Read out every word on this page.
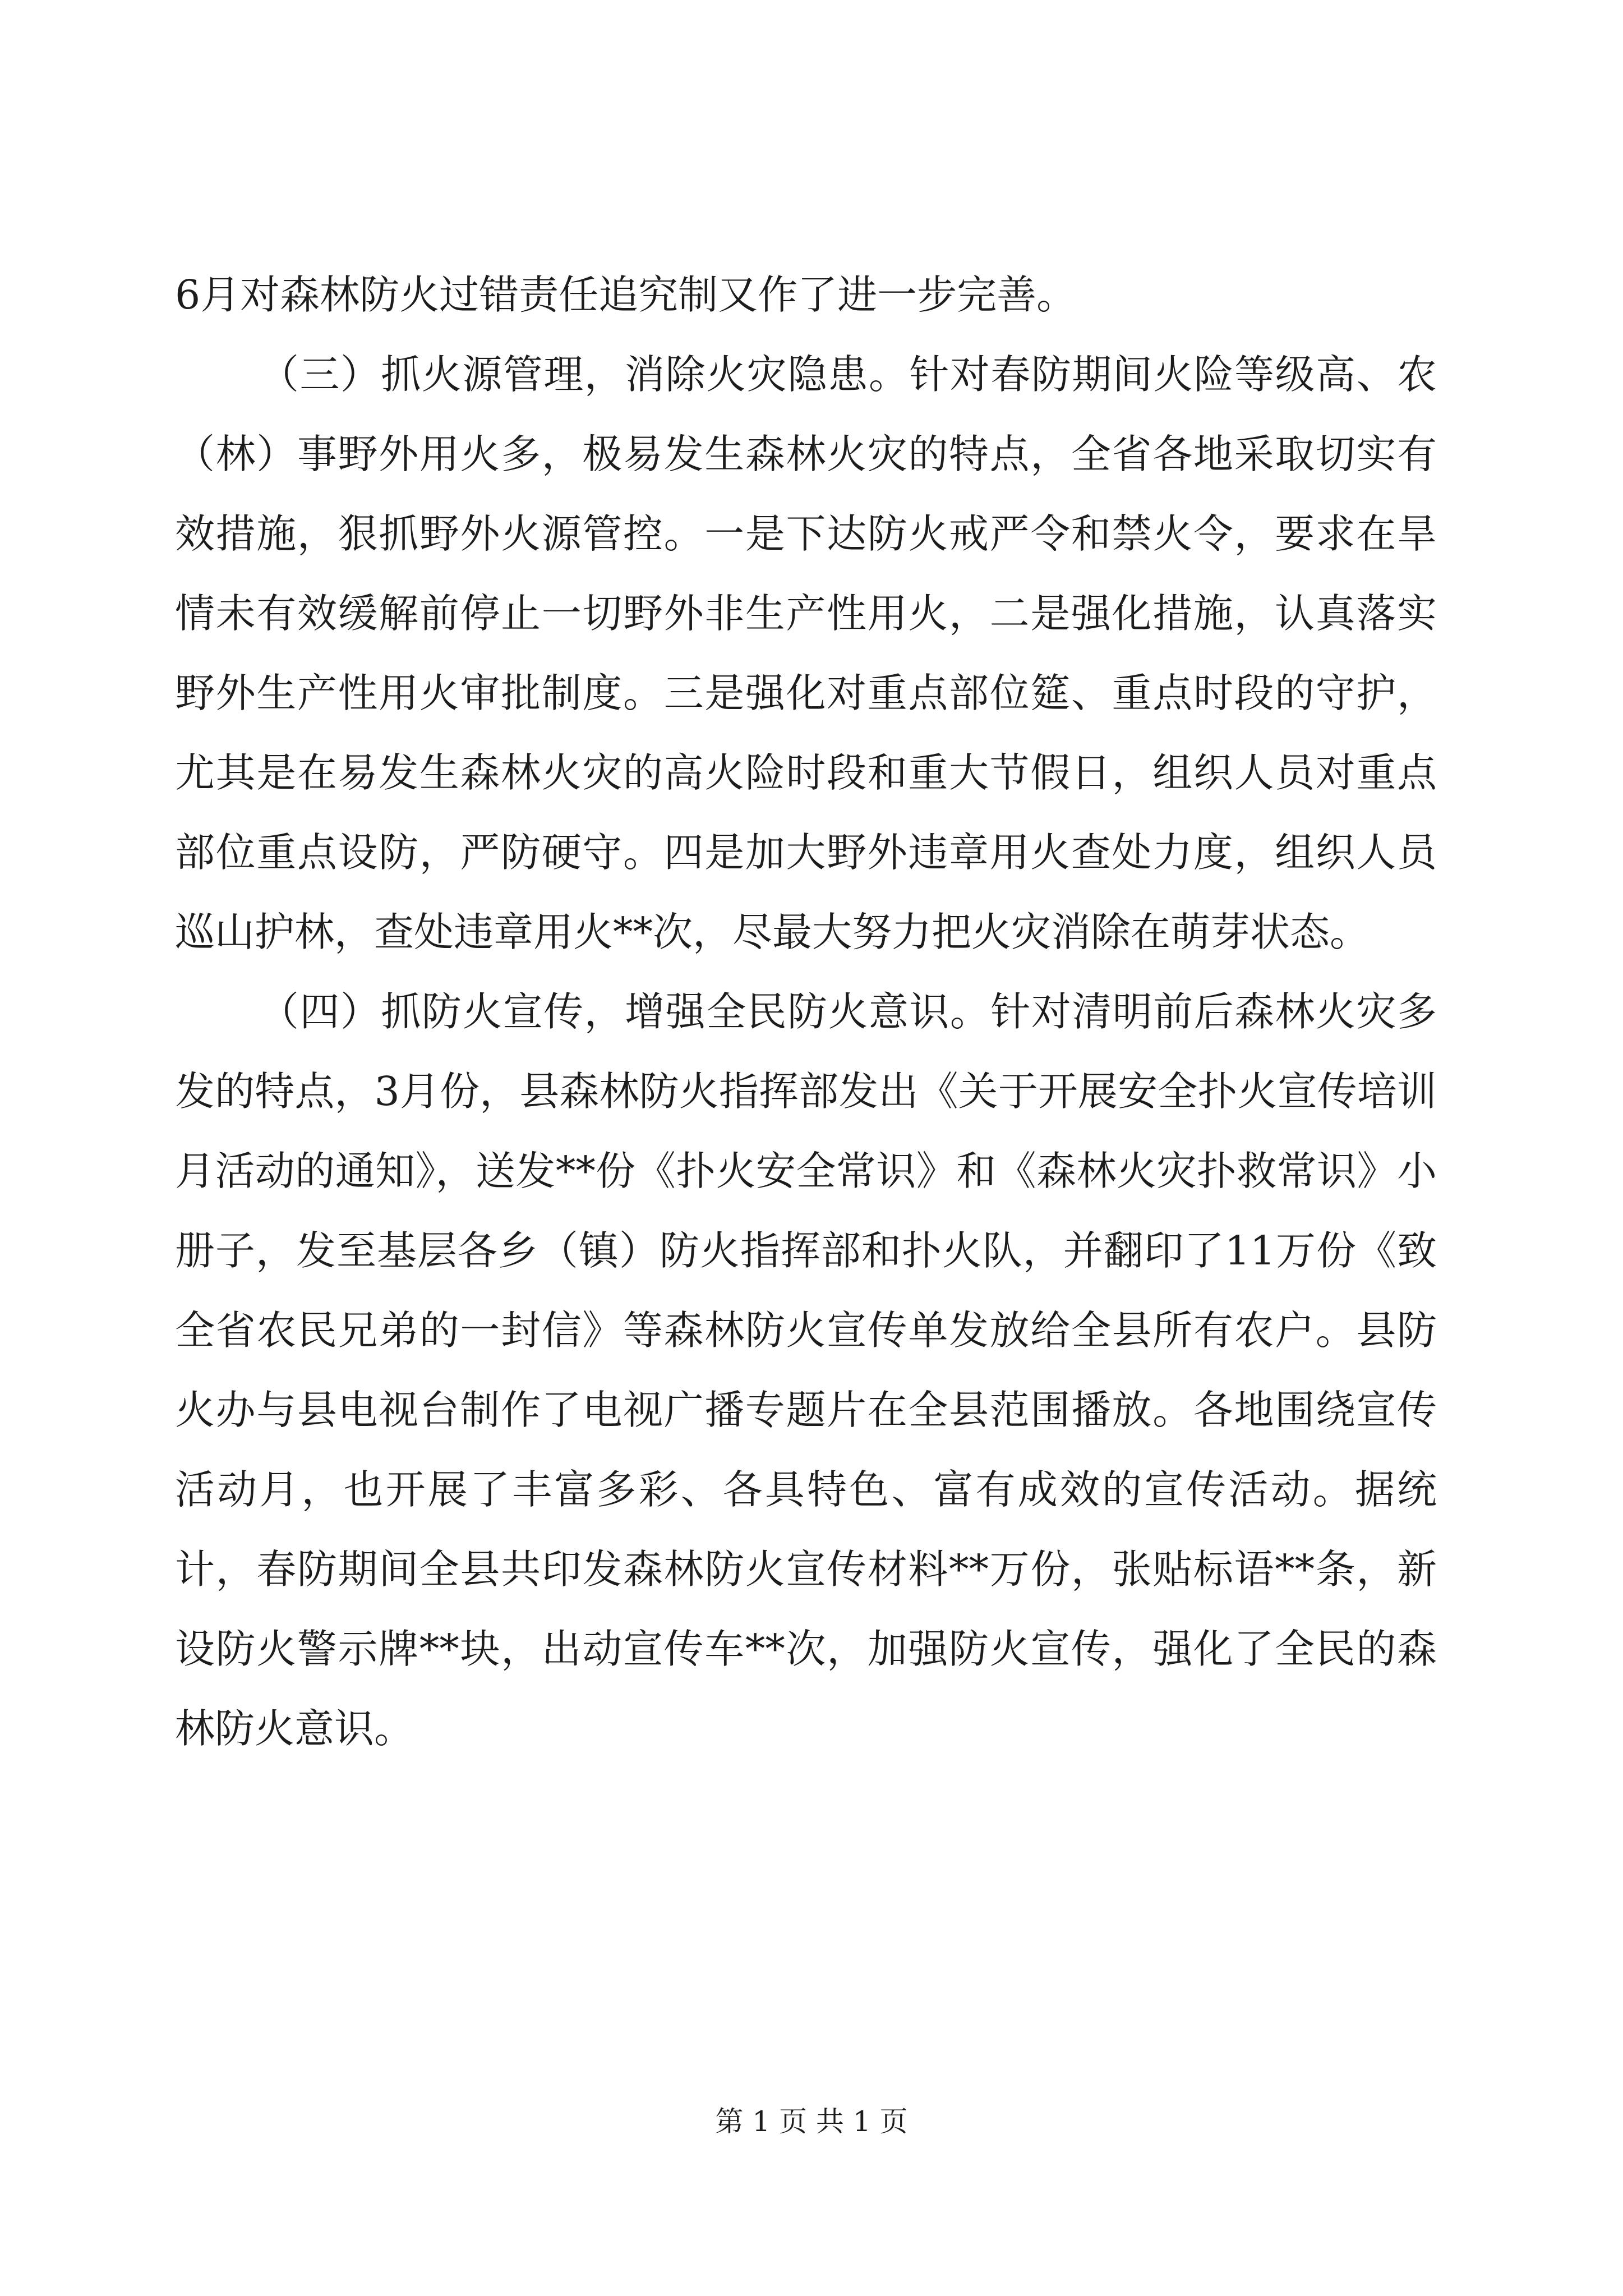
6月对森林防火过错责任追究制又作了进一步完善。

（三）抓火源管理，消除火灾隐患。针对春防期间火险等级高、农（林）事野外用火多，极易发生森林火灾的特点，全省各地采取切实有效措施，狠抓野外火源管控。一是下达防火戒严令和禁火令，要求在旱情未有效缓解前停止一切野外非生产性用火，二是强化措施，认真落实野外生产性用火审批制度。三是强化对重点部位筵、重点时段的守护，尤其是在易发生森林火灾的高火险时段和重大节假日，组织人员对重点部位重点设防，严防硬守。四是加大野外违章用火查处力度，组织人员巡山护林，查处违章用火**次，尽最大努力把火灾消除在萌芽状态。

（四）抓防火宣传，增强全民防火意识。针对清明前后森林火灾多发的特点，3月份，县森林防火指挥部发出《关于开展安全扑火宣传培训月活动的通知》，送发**份《扑火安全常识》和《森林火灾扑救常识》小册子，发至基层各乡（镇）防火指挥部和扑火队，并翻印了11万份《致全省农民兄弟的一封信》等森林防火宣传单发放给全县所有农户。县防火办与县电视台制作了电视广播专题片在全县范围播放。各地围绕宣传活动月，也开展了丰富多彩、各具特色、富有成效的宣传活动。据统计，春防期间全县共印发森林防火宣传材料**万份，张贴标语**条，新设防火警示牌**块，出动宣传车**次，加强防火宣传，强化了全民的森林防火意识。

第 1 页 共 1 页
